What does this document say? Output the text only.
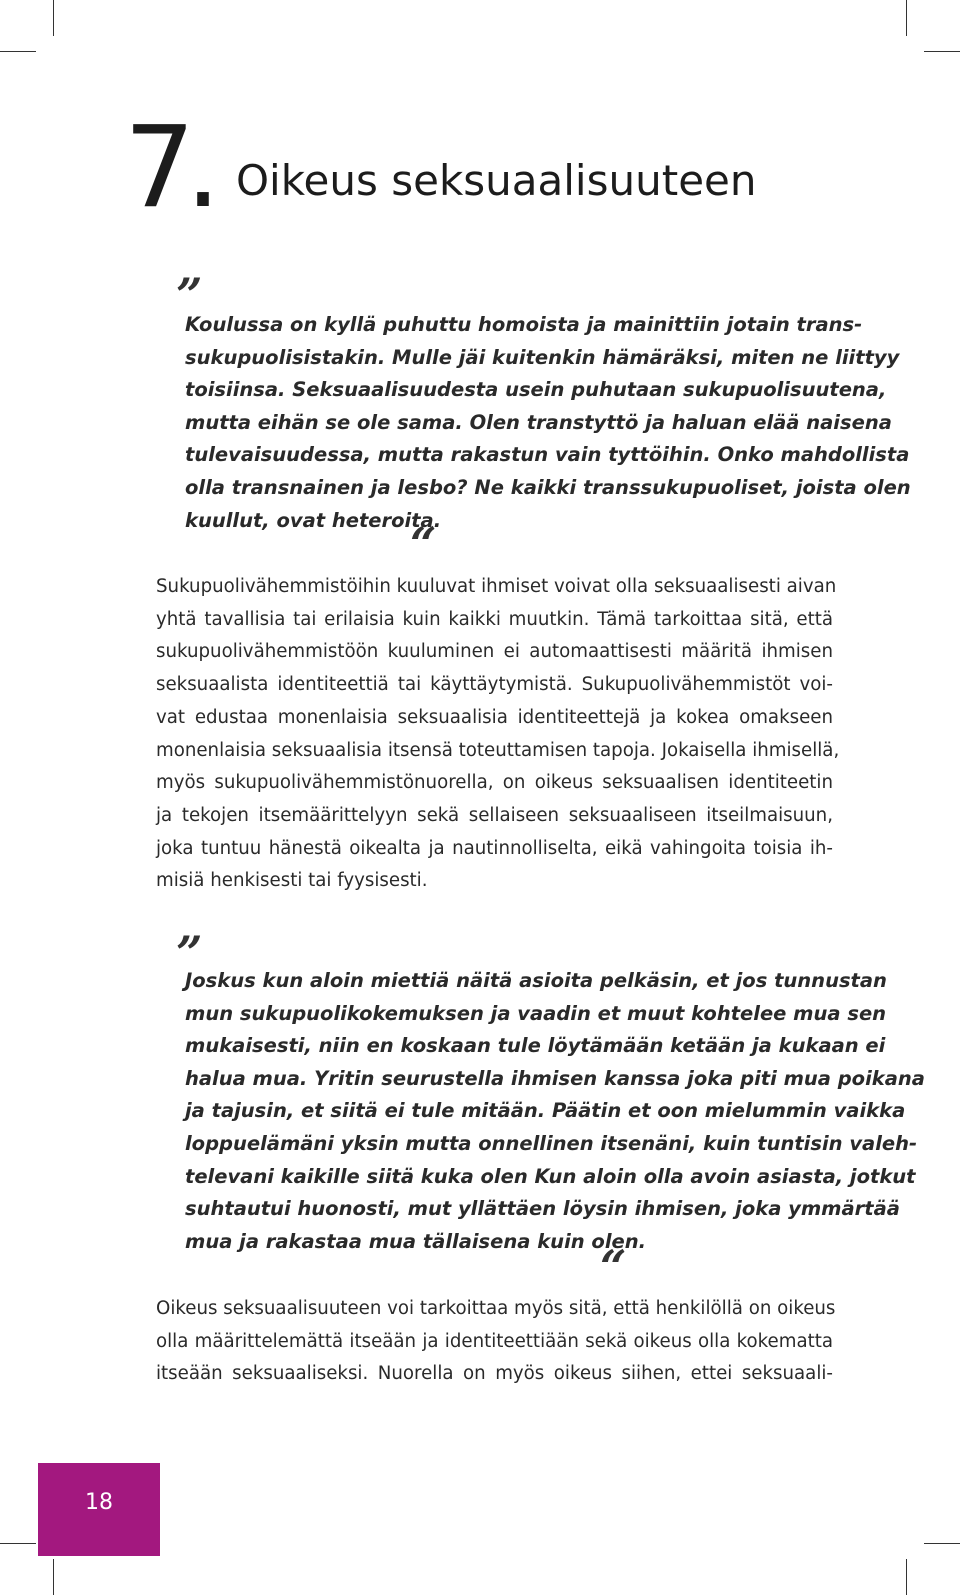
7. Oikeus seksuaalisuuteen
”

Koulussa on kyllä puhuttu homoista ja mainittiin jotain trans-
sukupuolisistakin. Mulle jäi kuitenkin hämäräksi, miten ne liittyy
toisiinsa. Seksuaalisuudesta usein puhutaan sukupuolisuutena,
mutta eihän se ole sama. Olen transtyttö ja haluan elää naisena
tulevaisuudessa, mutta rakastun vain tyttöihin. Onko mahdollista
olla transnainen ja lesbo? Ne kaikki transsukupuoliset, joista olen
kuullut, ovat heteroita.

“

Sukupuolivähemmistöihin kuuluvat ihmiset voivat olla seksuaalisesti aivan
yhtä tavallisia tai erilaisia kuin kaikki muutkin. Tämä tarkoittaa sitä, että
sukupuolivähemmistöön kuuluminen ei automaattisesti määritä ihmisen
seksuaalista identiteettiä tai käyttäytymistä. Sukupuolivähemmistöt voi-
vat edustaa monenlaisia seksuaalisia identiteettejä ja kokea omakseen
monenlaisia seksuaalisia itsensä toteuttamisen tapoja. Jokaisella ihmisellä,
myös sukupuolivähemmistönuorella, on oikeus seksuaalisen identiteetin
ja tekojen itsemäärittelyyn sekä sellaiseen seksuaaliseen itseilmaisuun,
joka tuntuu hänestä oikealta ja nautinnolliselta, eikä vahingoita toisia ih-
misiä henkisesti tai fyysisesti.

”

Joskus kun aloin miettiä näitä asioita pelkäsin, et jos tunnustan
mun sukupuolikokemuksen ja vaadin et muut kohtelee mua sen
mukaisesti, niin en koskaan tule löytämään ketään ja kukaan ei
halua mua. Yritin seurustella ihmisen kanssa joka piti mua poikana
ja tajusin, et siitä ei tule mitään. Päätin et oon mielummin vaikka
loppuelämäni yksin mutta onnellinen itsenäni, kuin tuntisin valeh-
televani kaikille siitä kuka olen Kun aloin olla avoin asiasta, jotkut
suhtautui huonosti, mut yllättäen löysin ihmisen, joka ymmärtää
mua ja rakastaa mua tällaisena kuin olen.

“

Oikeus seksuaalisuuteen voi tarkoittaa myös sitä, että henkilöllä on oikeus
olla määrittelemättä itseään ja identiteettiään sekä oikeus olla kokematta
itseään seksuaaliseksi. Nuorella on myös oikeus siihen, ettei seksuaali-

18
